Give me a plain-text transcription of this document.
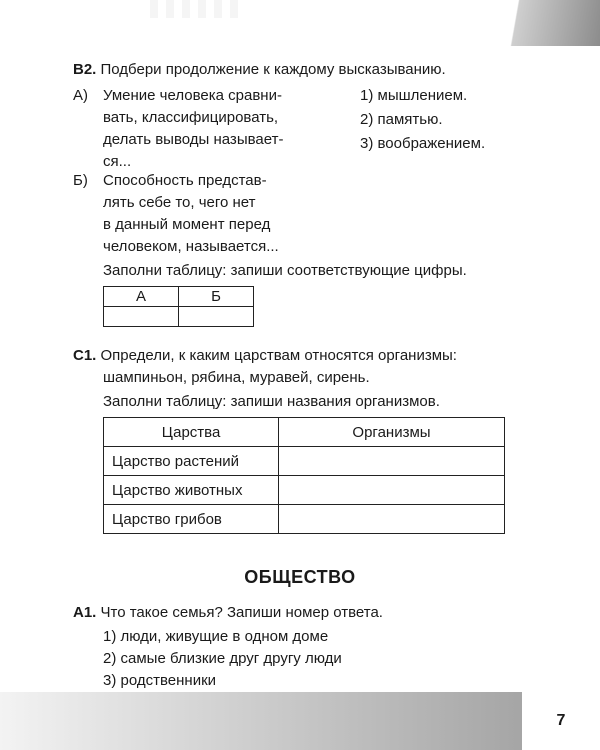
B2. Подбери продолжение к каждому высказыванию.
А) Умение человека сравни-
вать, классифицировать,
делать выводы называет-
ся...
Б) Способность представ-
лять себе то, чего нет
в данный момент перед
человеком, называется...
1) мышлением.
2) памятью.
3) воображением.
Заполни таблицу: запиши соответствующие цифры.
А	Б

С1. Определи, к каким царствам относятся организмы:
шампиньон, рябина, муравей, сирень.
Заполни таблицу: запиши названия организмов.
Царства	Организмы
Царство растений	
Царство животных	
Царство грибов	
ОБЩЕСТВО
А1. Что такое семья? Запиши номер ответа.
1) люди, живущие в одном доме
2) самые близкие друг другу люди
3) родственники
7
